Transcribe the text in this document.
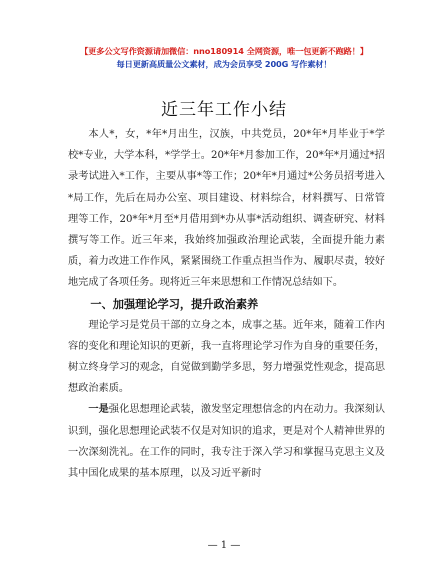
【更多公文写作资源请加微信：nno180914 全网资源，唯一包更新不跑路！】
每日更新高质量公文素材，成为会员享受 200G 写作素材！
近三年工作小结

本人*，女，*年*月出生，汉族，中共党员，20*年*月毕业于*学校*专业，大学本科，*学学士。20*年*月参加工作，20*年*月通过*招录考试进入*工作，主要从事*等工作；20*年*月通过*公务员招考进入*局工作，先后在局办公室、项目建设、材料综合，材料撰写、日常管理等工作，20*年*月至*月借用到*办从事*活动组织、调查研究、材料撰写等工作。近三年来，我始终加强政治理论武装，全面提升能力素质，着力改进工作作风，紧紧围绕工作重点担当作为、履职尽责，较好地完成了各项任务。现将近三年来思想和工作情况总结如下。

一、加强理论学习，提升政治素养

理论学习是党员干部的立身之本，成事之基。近年来，随着工作内容的变化和理论知识的更新，我一直将理论学习作为自身的重要任务，树立终身学习的观念，自觉做到勤学多思，努力增强党性观念，提高思想政治素质。

一是强化思想理论武装，激发坚定理想信念的内在动力。我深刻认识到，强化思想理论武装不仅是对知识的追求，更是对个人精神世界的一次深刻洗礼。在工作的同时，我专注于深入学习和掌握马克思主义及其中国化成果的基本原理，以及习近平新时

— 1 —
